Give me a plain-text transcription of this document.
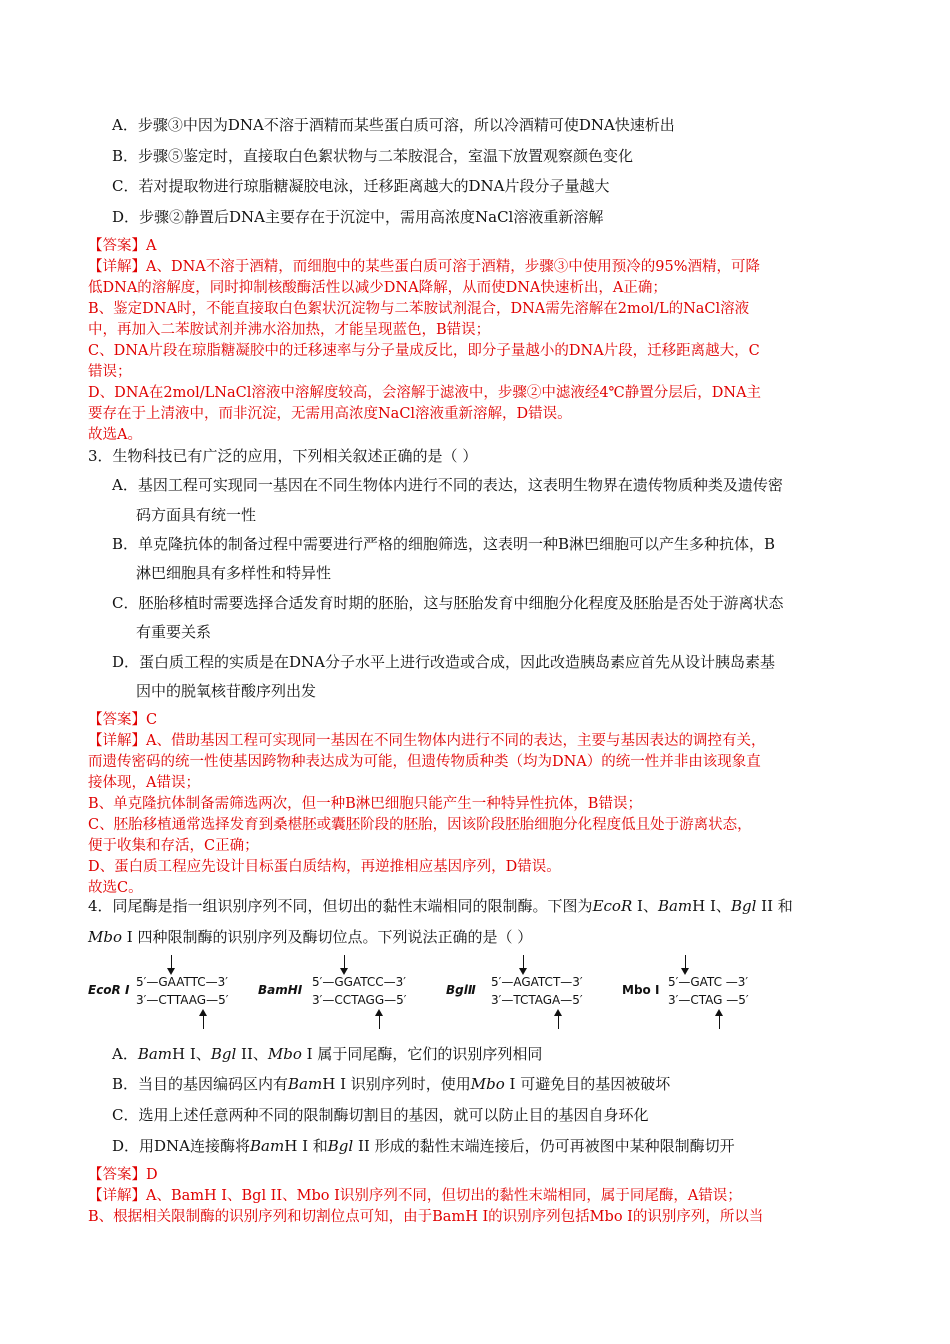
A．步骤③中因为DNA不溶于酒精而某些蛋白质可溶，所以冷酒精可使DNA快速析出
B．步骤⑤鉴定时，直接取白色絮状物与二苯胺混合，室温下放置观察颜色变化
C．若对提取物进行琼脂糖凝胶电泳，迁移距离越大的DNA片段分子量越大
D．步骤②静置后DNA主要存在于沉淀中，需用高浓度NaCl溶液重新溶解
【答案】A
【详解】A、DNA不溶于酒精，而细胞中的某些蛋白质可溶于酒精，步骤③中使用预冷的95%酒精，可降
低DNA的溶解度，同时抑制核酸酶活性以减少DNA降解，从而使DNA快速析出，A正确；
B、鉴定DNA时，不能直接取白色絮状沉淀物与二苯胺试剂混合，DNA需先溶解在2mol/L的NaCl溶液
中，再加入二苯胺试剂并沸水浴加热，才能呈现蓝色，B错误；
C、DNA片段在琼脂糖凝胶中的迁移速率与分子量成反比，即分子量越小的DNA片段，迁移距离越大，C
错误；
D、DNA在2mol/LNaCl溶液中溶解度较高，会溶解于滤液中，步骤②中滤液经4℃静置分层后，DNA主
要存在于上清液中，而非沉淀，无需用高浓度NaCl溶液重新溶解，D错误。
故选A。
3．生物科技已有广泛的应用，下列相关叙述正确的是（ ）
A．基因工程可实现同一基因在不同生物体内进行不同的表达，这表明生物界在遗传物质种类及遗传密
码方面具有统一性
B．单克隆抗体的制备过程中需要进行严格的细胞筛选，这表明一种B淋巴细胞可以产生多种抗体，B
淋巴细胞具有多样性和特异性
C．胚胎移植时需要选择合适发育时期的胚胎，这与胚胎发育中细胞分化程度及胚胎是否处于游离状态
有重要关系
D．蛋白质工程的实质是在DNA分子水平上进行改造或合成，因此改造胰岛素应首先从设计胰岛素基
因中的脱氧核苷酸序列出发
【答案】C
【详解】A、借助基因工程可实现同一基因在不同生物体内进行不同的表达，主要与基因表达的调控有关，
而遗传密码的统一性使基因跨物种表达成为可能，但遗传物质种类（均为DNA）的统一性并非由该现象直
接体现，A错误；
B、单克隆抗体制备需筛选两次，但一种B淋巴细胞只能产生一种特异性抗体，B错误；
C、胚胎移植通常选择发育到桑椹胚或囊胚阶段的胚胎，因该阶段胚胎细胞分化程度低且处于游离状态，
便于收集和存活，C正确；
D、蛋白质工程应先设计目标蛋白质结构，再逆推相应基因序列，D错误。
故选C。
4．同尾酶是指一组识别序列不同，但切出的黏性末端相同的限制酶。下图为EcoR I、BamH I、Bgl II 和
Mbo I 四种限制酶的识别序列及酶切位点。下列说法正确的是（ ）
EcoR Ⅰ
5′—GAATTC—3′
3′—CTTAAG—5′
BamHⅠ
5′—GGATCC—3′
3′—CCTAGG—5′
BglⅡ
5′—AGATCT—3′
3′—TCTAGA—5′
Mbo Ⅰ
5′—GATC —3′
3′—CTAG —5′
A．BamH I、Bgl II、Mbo I 属于同尾酶，它们的识别序列相同
B．当目的基因编码区内有BamH I 识别序列时，使用Mbo I 可避免目的基因被破坏
C．选用上述任意两种不同的限制酶切割目的基因，就可以防止目的基因自身环化
D．用DNA连接酶将BamH I 和Bgl II 形成的黏性末端连接后，仍可再被图中某种限制酶切开
【答案】D
【详解】A、BamH I、Bgl II、Mbo I识别序列不同，但切出的黏性末端相同，属于同尾酶，A错误；
B、根据相关限制酶的识别序列和切割位点可知，由于BamH I的识别序列包括Mbo I的识别序列，所以当
